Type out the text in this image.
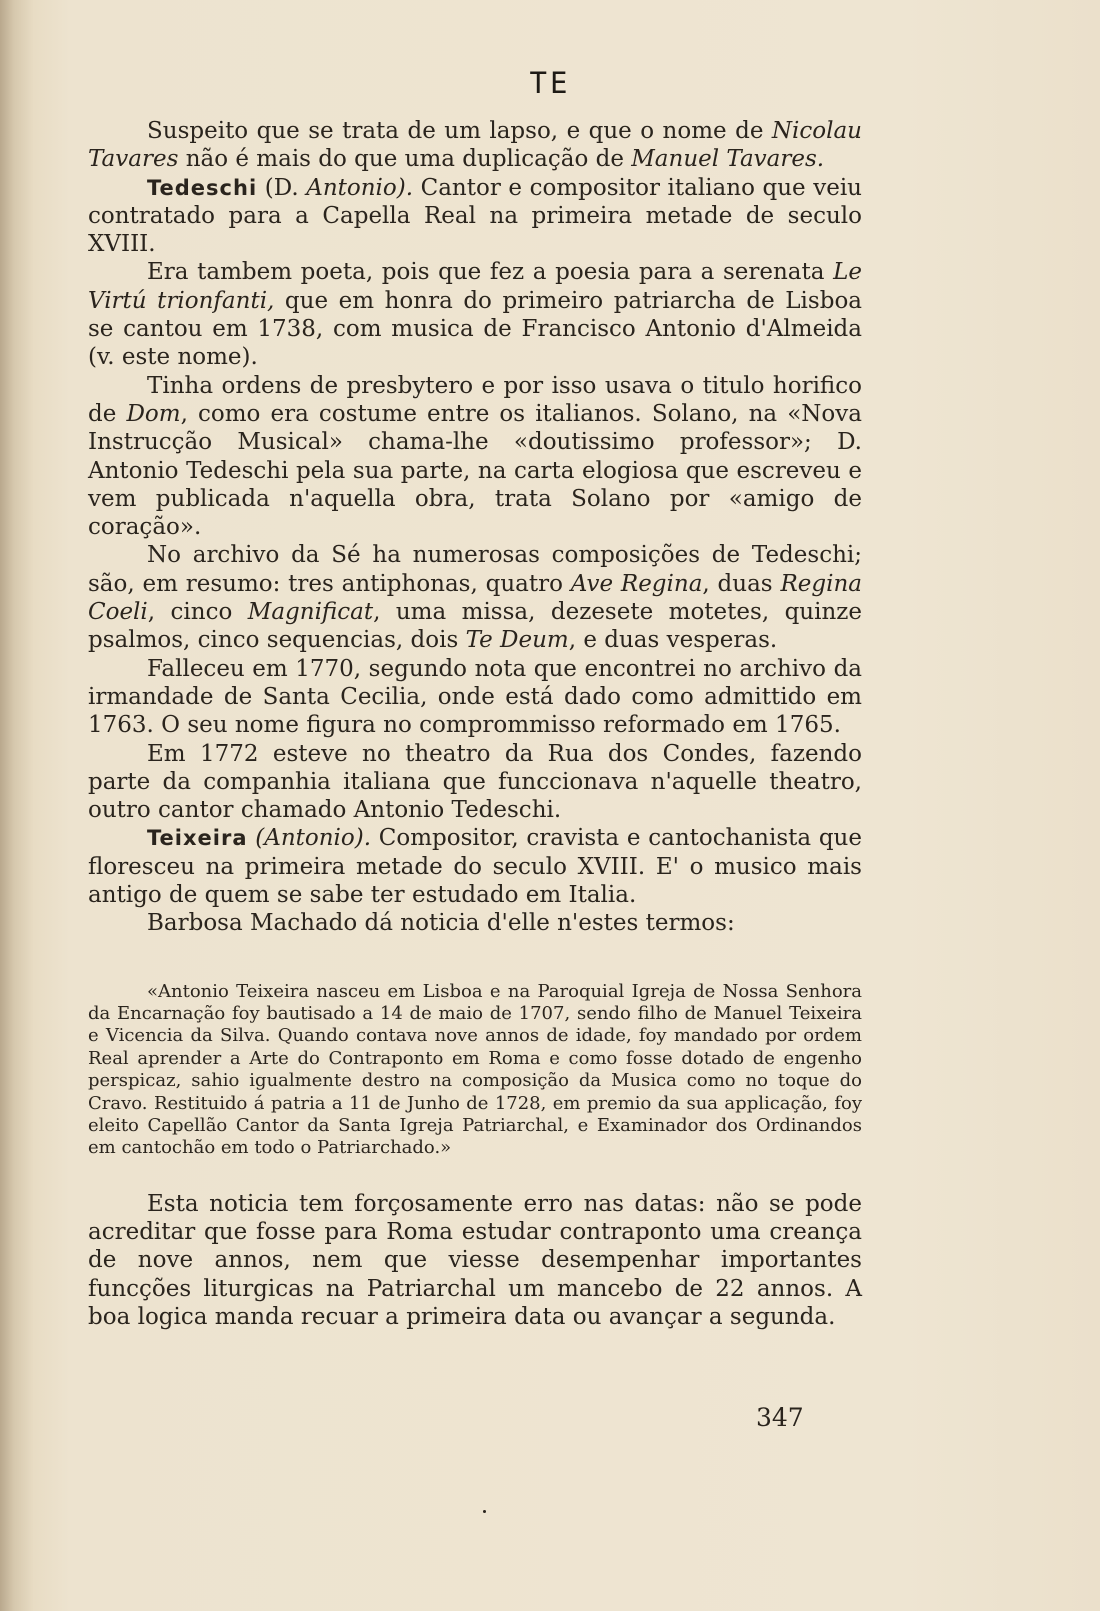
TE

Suspeito que se trata de um lapso, e que o nome de Nicolau Tavares não é mais do que uma duplicação de Manuel Tavares.

Tedeschi (D. Antonio). Cantor e compositor italiano que veiu contratado para a Capella Real na primeira metade de seculo XVIII.

Era tambem poeta, pois que fez a poesia para a serenata Le Virtú trionfanti, que em honra do primeiro patriarcha de Lisboa se cantou em 1738, com musica de Francisco Antonio d'Almeida (v. este nome).

Tinha ordens de presbytero e por isso usava o titulo horifico de Dom, como era costume entre os italianos. Solano, na «Nova Instrucção Musical» chama-lhe «doutissimo professor»; D. Antonio Tedeschi pela sua parte, na carta elogiosa que escreveu e vem publicada n'aquella obra, trata Solano por «amigo de coração».

No archivo da Sé ha numerosas composições de Tedeschi; são, em resumo: tres antiphonas, quatro Ave Regina, duas Regina Coeli, cinco Magnificat, uma missa, dezesete motetes, quinze psalmos, cinco sequencias, dois Te Deum, e duas vesperas.

Falleceu em 1770, segundo nota que encontrei no archivo da irmandade de Santa Cecilia, onde está dado como admittido em 1763. O seu nome figura no comprommisso reformado em 1765.

Em 1772 esteve no theatro da Rua dos Condes, fazendo parte da companhia italiana que funccionava n'aquelle theatro, outro cantor chamado Antonio Tedeschi.

Teixeira (Antonio). Compositor, cravista e cantochanista que floresceu na primeira metade do seculo XVIII. E' o musico mais antigo de quem se sabe ter estudado em Italia.

Barbosa Machado dá noticia d'elle n'estes termos:

«Antonio Teixeira nasceu em Lisboa e na Paroquial Igreja de Nossa Senhora da Encarnação foy bautisado a 14 de maio de 1707, sendo filho de Manuel Teixeira e Vicencia da Silva. Quando contava nove annos de idade, foy mandado por ordem Real aprender a Arte do Contraponto em Roma e como fosse dotado de engenho perspicaz, sahio igualmente destro na composição da Musica como no toque do Cravo. Restituido á patria a 11 de Junho de 1728, em premio da sua applicação, foy eleito Capellão Cantor da Santa Igreja Patriarchal, e Examinador dos Ordinandos em cantochão em todo o Patriarchado.»

Esta noticia tem forçosamente erro nas datas: não se pode acreditar que fosse para Roma estudar contraponto uma creança de nove annos, nem que viesse desempenhar importantes funcções liturgicas na Patriarchal um mancebo de 22 annos. A boa logica manda recuar a primeira data ou avançar a segunda.

347
